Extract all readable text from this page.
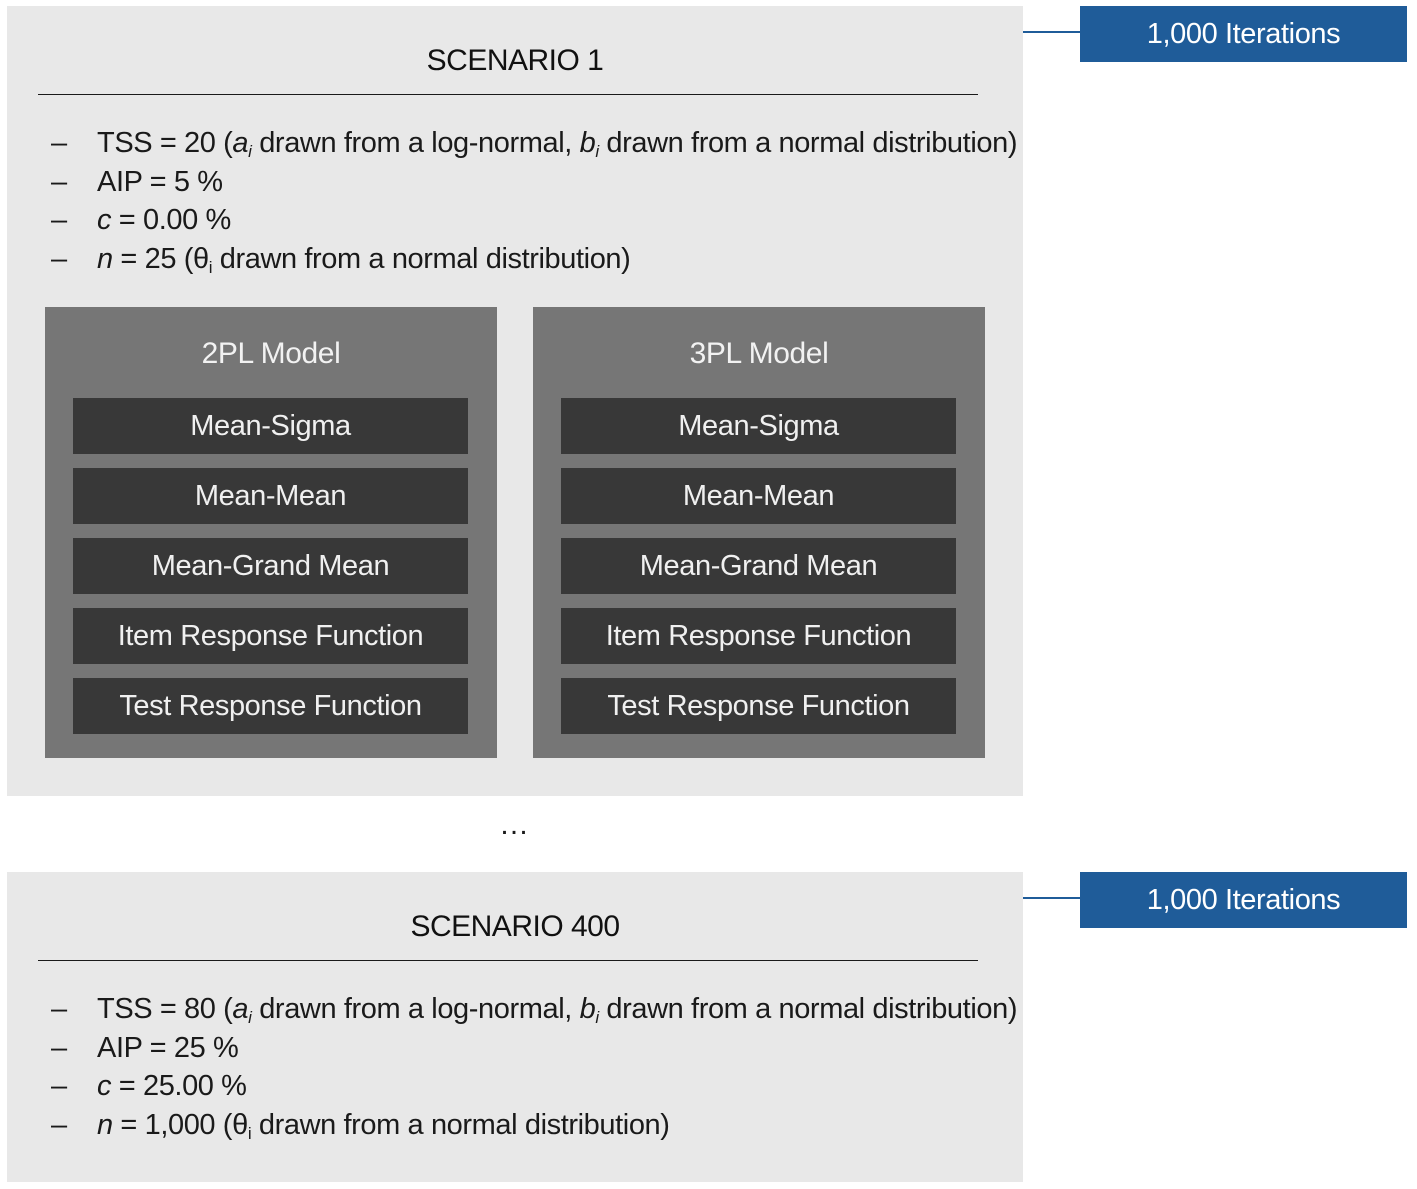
SCENARIO 1
– TSS = 20 ($a_i$ drawn from a log-normal, $b_i$ drawn from a normal distribution)
– AIP = 5 %
– c = 0.00 %
– n = 25 ($\theta_i$ drawn from a normal distribution)
2PL Model
Mean-Sigma
Mean-Mean
Mean-Grand Mean
Item Response Function
Test Response Function
3PL Model
Mean-Sigma
Mean-Mean
Mean-Grand Mean
Item Response Function
Test Response Function
1,000 Iterations
…
SCENARIO 400
– TSS = 80 ($a_i$ drawn from a log-normal, $b_i$ drawn from a normal distribution)
– AIP = 25 %
– c = 25.00 %
– n = 1,000 ($\theta_i$ drawn from a normal distribution)
1,000 Iterations
